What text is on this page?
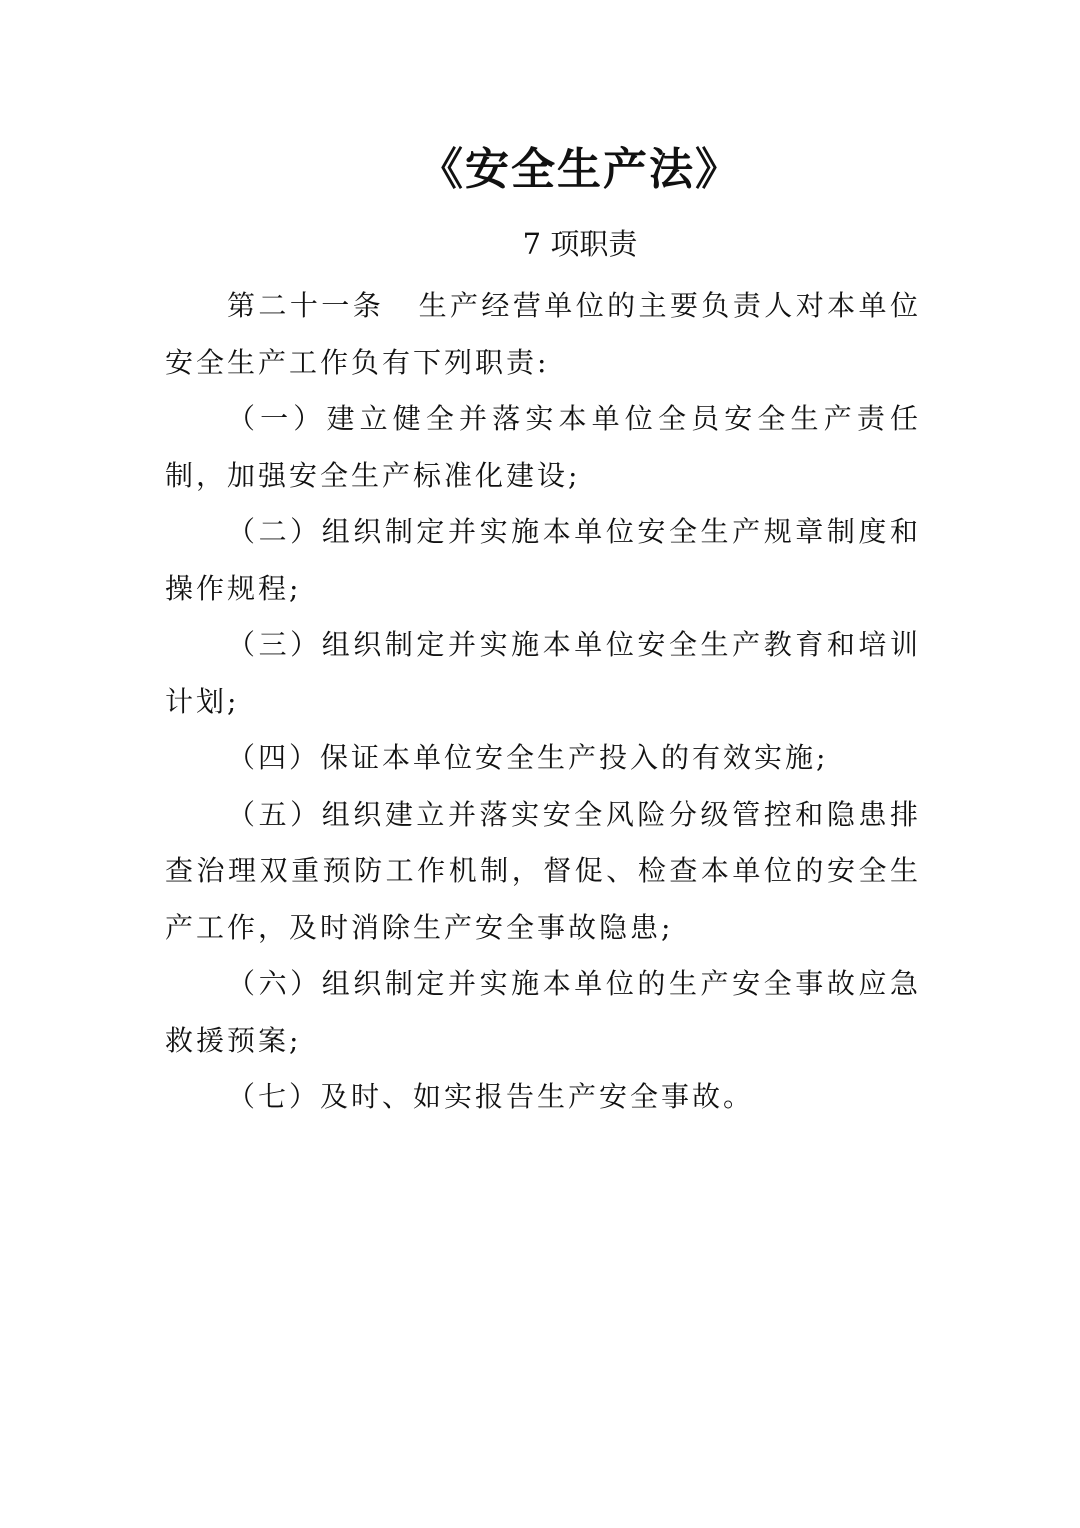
《安全生产法》
7 项职责

第二十一条 生产经营单位的主要负责人对本单位安全生产工作负有下列职责:

（一）建立健全并落实本单位全员安全生产责任制，加强安全生产标准化建设;

（二）组织制定并实施本单位安全生产规章制度和操作规程;

（三）组织制定并实施本单位安全生产教育和培训计划;

（四）保证本单位安全生产投入的有效实施;

（五）组织建立并落实安全风险分级管控和隐患排查治理双重预防工作机制，督促、检查本单位的安全生产工作，及时消除生产安全事故隐患;

（六）组织制定并实施本单位的生产安全事故应急救援预案;

（七）及时、如实报告生产安全事故。
